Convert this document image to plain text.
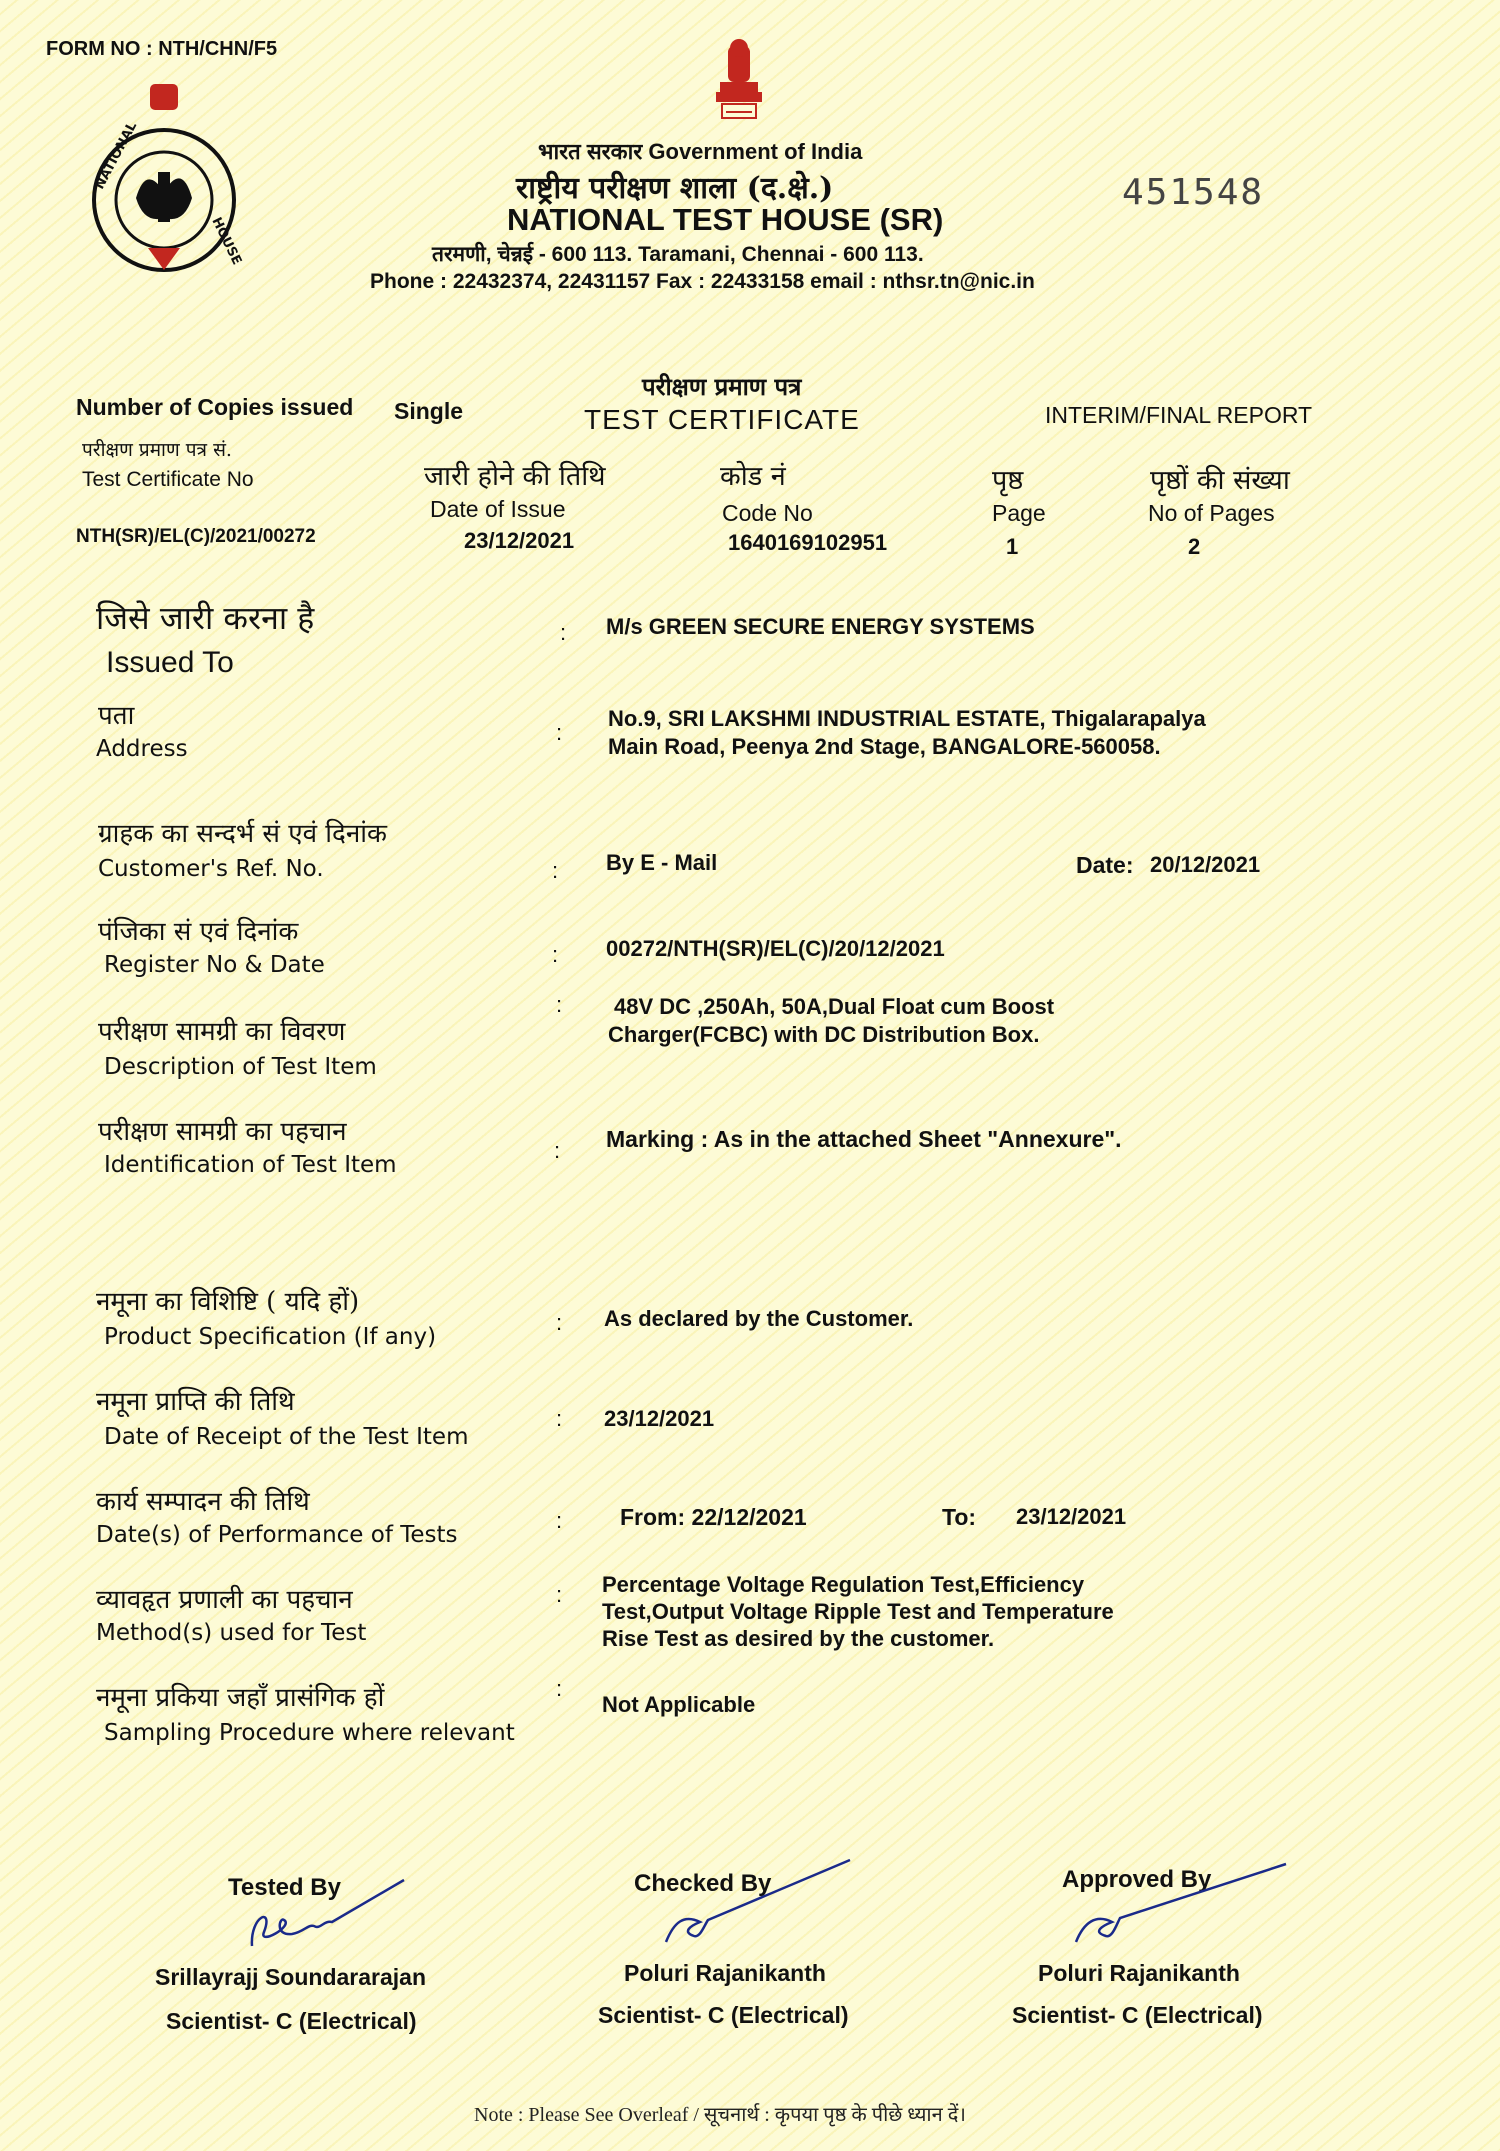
FORM NO : NTH/CHN/F5
NATIONAL
HOUSE
भारत सरकार Government of India
राष्ट्रीय परीक्षण शाला (द.क्षे.)
NATIONAL TEST HOUSE (SR)
तरमणी, चेन्नई - 600 113. Taramani, Chennai - 600 113.
Phone : 22432374, 22431157 Fax : 22433158 email : nthsr.tn@nic.in
451548
परीक्षण प्रमाण पत्र
TEST CERTIFICATE	INTERIM/FINAL REPORT
Number of Copies issued Single
परीक्षण प्रमाण पत्र सं.
Test Certificate No
NTH(SR)/EL(C)/2021/00272
जारी होने की तिथि
Date of Issue
23/12/2021
कोड नं
Code No
1640169102951
पृष्ठ
Page
1
पृष्ठों की संख्या
No of Pages
2
जिसे जारी करना है
Issued To
: M/s GREEN SECURE ENERGY SYSTEMS
पता
Address
:
No.9, SRI LAKSHMI INDUSTRIAL ESTATE, Thigalarapalya
Main Road, Peenya 2nd Stage, BANGALORE-560058.
ग्राहक का सन्दर्भ सं एवं दिनांक
Customer's Ref. No.	: By E - Mail	Date: 20/12/2021
पंजिका सं एवं दिनांक
Register No & Date	: 00272/NTH(SR)/EL(C)/20/12/2021
परीक्षण सामग्री का विवरण
Description of Test Item
: 48V DC ,250Ah, 50A,Dual Float cum Boost
Charger(FCBC) with DC Distribution Box.
परीक्षण सामग्री का पहचान
Identification of Test Item
: Marking : As in the attached Sheet "Annexure".
नमूना का विशिष्टि ( यदि हों)
Product Specification (If any)
: As declared by the Customer.
नमूना प्राप्ति की तिथि
Date of Receipt of the Test Item
: 23/12/2021
कार्य सम्पादन की तिथि
Date(s) of Performance of Tests
:	From: 22/12/2021	To: 23/12/2021
व्यावहृत प्रणाली का पहचान
Method(s) used for Test
: Percentage Voltage Regulation Test,Efficiency
Test,Output Voltage Ripple Test and Temperature
Rise Test as desired by the customer.
नमूना प्रकिया जहाँ प्रासंगिक हों
Sampling Procedure where relevant
:
Not Applicable
Tested By
Srillayrajj Soundararajan
Scientist- C (Electrical)
Checked By
Poluri Rajanikanth
Scientist- C (Electrical)
Approved By
Poluri Rajanikanth
Scientist- C (Electrical)
Note : Please See Overleaf / सूचनार्थ : कृपया पृष्ठ के पीछे ध्यान दें।
